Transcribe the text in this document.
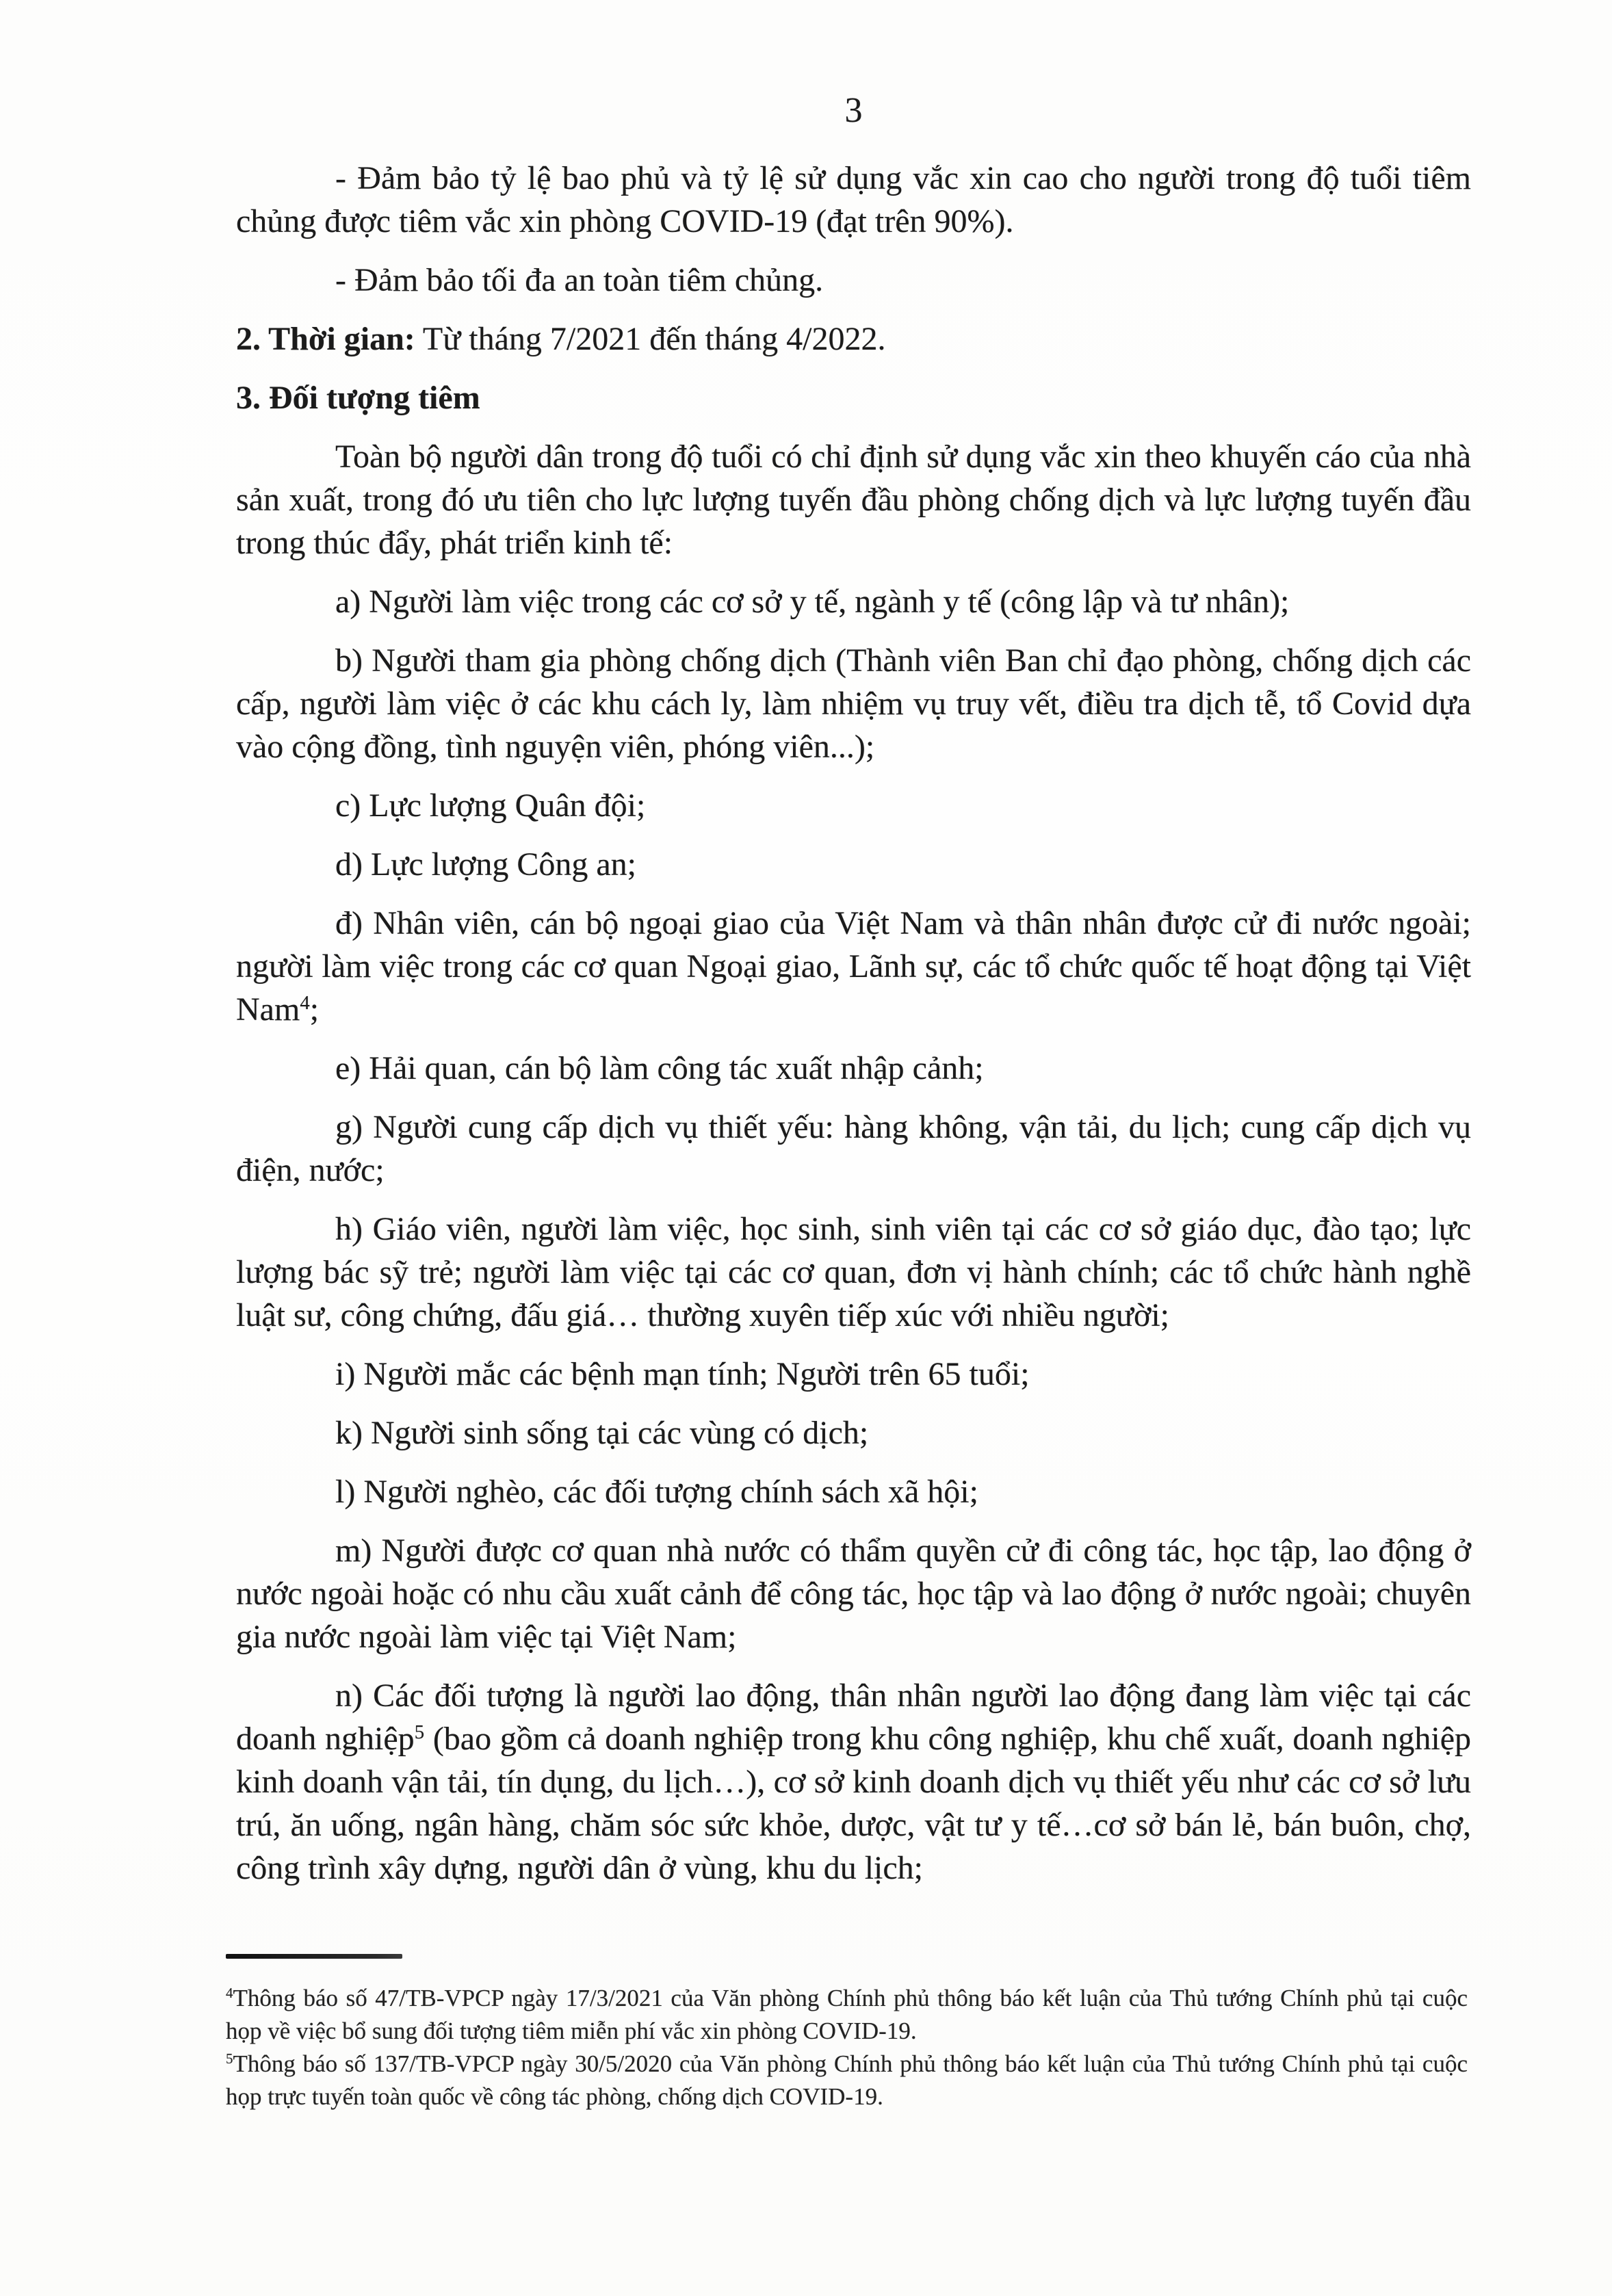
3

- Đảm bảo tỷ lệ bao phủ và tỷ lệ sử dụng vắc xin cao cho người trong độ tuổi tiêm chủng được tiêm vắc xin phòng COVID-19 (đạt trên 90%).

- Đảm bảo tối đa an toàn tiêm chủng.

2. Thời gian: Từ tháng 7/2021 đến tháng 4/2022.

3. Đối tượng tiêm

Toàn bộ người dân trong độ tuổi có chỉ định sử dụng vắc xin theo khuyến cáo của nhà sản xuất, trong đó ưu tiên cho lực lượng tuyến đầu phòng chống dịch và lực lượng tuyến đầu trong thúc đẩy, phát triển kinh tế:

a) Người làm việc trong các cơ sở y tế, ngành y tế (công lập và tư nhân);

b) Người tham gia phòng chống dịch (Thành viên Ban chỉ đạo phòng, chống dịch các cấp, người làm việc ở các khu cách ly, làm nhiệm vụ truy vết, điều tra dịch tễ, tổ Covid dựa vào cộng đồng, tình nguyện viên, phóng viên...);

c) Lực lượng Quân đội;

d) Lực lượng Công an;

đ) Nhân viên, cán bộ ngoại giao của Việt Nam và thân nhân được cử đi nước ngoài; người làm việc trong các cơ quan Ngoại giao, Lãnh sự, các tổ chức quốc tế hoạt động tại Việt Nam$^4$;

e) Hải quan, cán bộ làm công tác xuất nhập cảnh;

g) Người cung cấp dịch vụ thiết yếu: hàng không, vận tải, du lịch; cung cấp dịch vụ điện, nước;

h) Giáo viên, người làm việc, học sinh, sinh viên tại các cơ sở giáo dục, đào tạo; lực lượng bác sỹ trẻ; người làm việc tại các cơ quan, đơn vị hành chính; các tổ chức hành nghề luật sư, công chứng, đấu giá… thường xuyên tiếp xúc với nhiều người;

i) Người mắc các bệnh mạn tính; Người trên 65 tuổi;

k) Người sinh sống tại các vùng có dịch;

l) Người nghèo, các đối tượng chính sách xã hội;

m) Người được cơ quan nhà nước có thẩm quyền cử đi công tác, học tập, lao động ở nước ngoài hoặc có nhu cầu xuất cảnh để công tác, học tập và lao động ở nước ngoài; chuyên gia nước ngoài làm việc tại Việt Nam;

n) Các đối tượng là người lao động, thân nhân người lao động đang làm việc tại các doanh nghiệp$^5$ (bao gồm cả doanh nghiệp trong khu công nghiệp, khu chế xuất, doanh nghiệp kinh doanh vận tải, tín dụng, du lịch…), cơ sở kinh doanh dịch vụ thiết yếu như các cơ sở lưu trú, ăn uống, ngân hàng, chăm sóc sức khỏe, dược, vật tư y tế…cơ sở bán lẻ, bán buôn, chợ, công trình xây dựng, người dân ở vùng, khu du lịch;

$^4$Thông báo số 47/TB-VPCP ngày 17/3/2021 của Văn phòng Chính phủ thông báo kết luận của Thủ tướng Chính phủ tại cuộc họp về việc bổ sung đối tượng tiêm miễn phí vắc xin phòng COVID-19.

$^5$Thông báo số 137/TB-VPCP ngày 30/5/2020 của Văn phòng Chính phủ thông báo kết luận của Thủ tướng Chính phủ tại cuộc họp trực tuyến toàn quốc về công tác phòng, chống dịch COVID-19.
